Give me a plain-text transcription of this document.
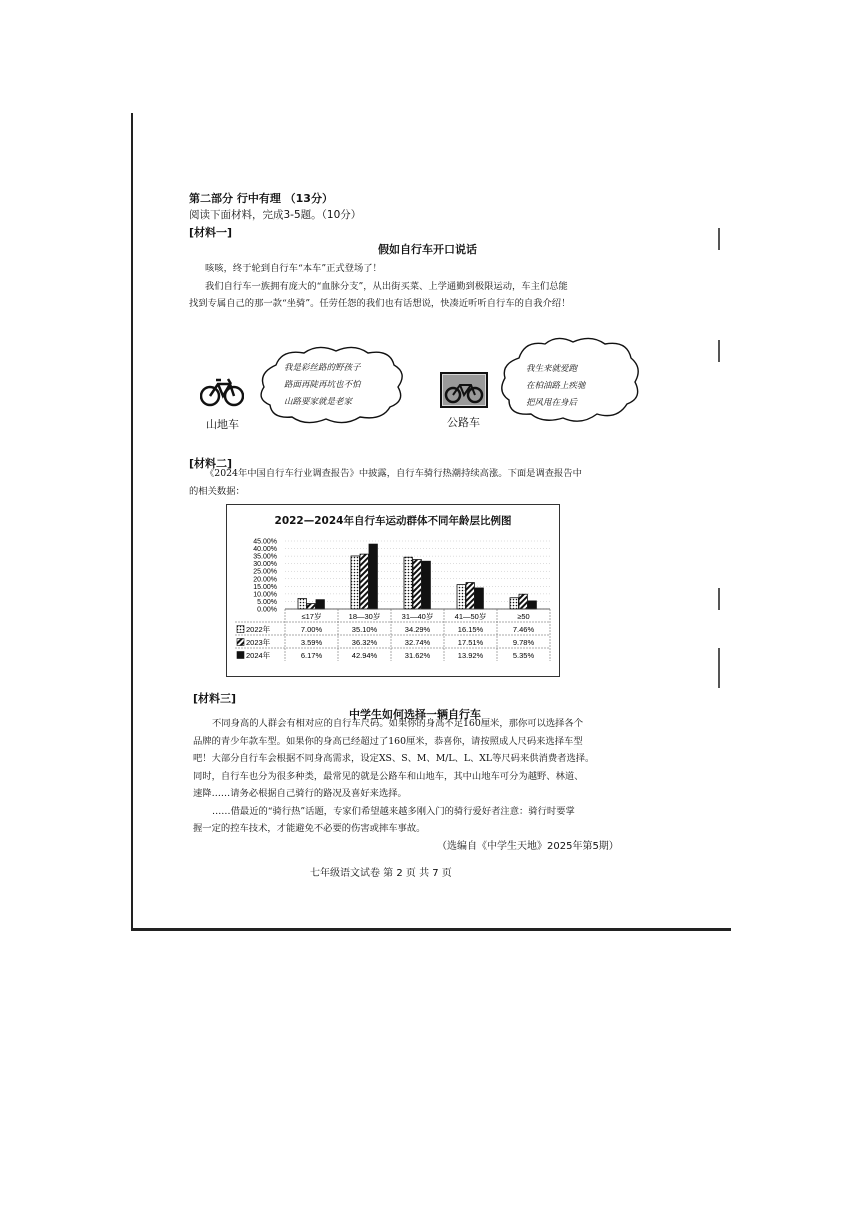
第二部分 行中有理 （13分）
阅读下面材料，完成3-5题。（10分）
[材料一]
假如自行车开口说话
咳咳，终于轮到自行车“本车”正式登场了！
我们自行车一族拥有庞大的“血脉分支”，从出街买菜、上学通勤到极限运动，车主们总能
找到专属自己的那一款“坐骑”。任劳任怨的我们也有话想说，快凑近听听自行车的自我介绍！
山地车
我是彩丝路的野孩子
路面再陡再坑也不怕
山路要家就是老家
公路车
我生来就爱跑
在柏油路上疾驰
把风甩在身后
[材料二]
《2024年中国自行车行业调查报告》中披露，自行车骑行热潮持续高涨。下面是调查报告中
的相关数据：
2022—2024年自行车运动群体不同年龄层比例图
0.00%
5.00%
10.00%
15.00%
20.00%
25.00%
30.00%
35.00%
40.00%
45.00%
≤17岁	18—30岁	31—40岁	41—50岁	≥50
2022年	7.00%	35.10%	34.29%	16.15%	7.46%
2023年	3.59%	36.32%	32.74%	17.51%	9.78%
2024年	6.17%	42.94%	31.62%	13.92%	5.35%
[材料三]
中学生如何选择一辆自行车
不同身高的人群会有相对应的自行车尺码。如果你的身高不足160厘米，那你可以选择各个
品牌的青少年款车型。如果你的身高已经超过了160厘米，恭喜你，请按照成人尺码来选择车型
吧！大部分自行车会根据不同身高需求，设定XS、S、M、M/L、L、XL等尺码来供消费者选择。
同时，自行车也分为很多种类，最常见的就是公路车和山地车，其中山地车可分为越野、林道、
速降……请务必根据自己骑行的路况及喜好来选择。
……借最近的“骑行热”话题，专家们希望越来越多刚入门的骑行爱好者注意：骑行时要掌
握一定的控车技术，才能避免不必要的伤害或摔车事故。
（选编自《中学生天地》2025年第5期）
七年级语文试卷 第 2 页 共 7 页
